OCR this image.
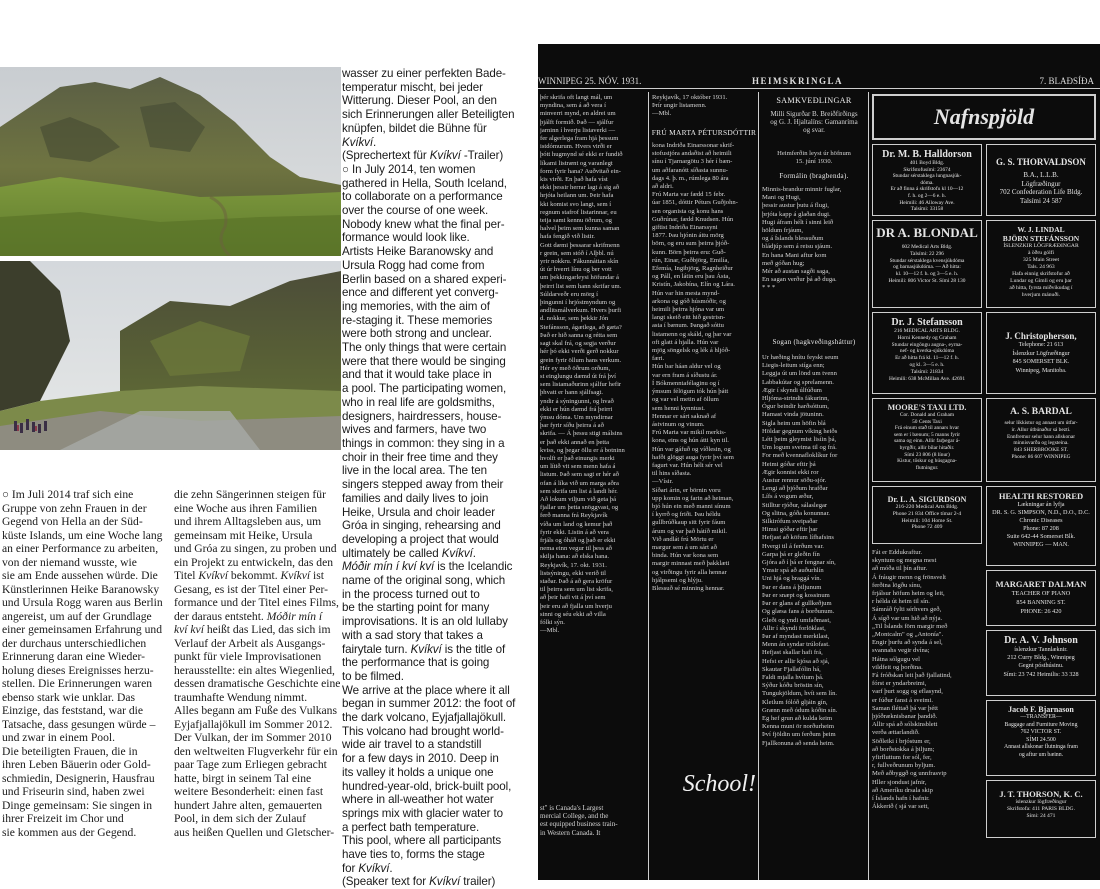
○ Im Juli 2014 traf sich eine
Gruppe von zehn Frauen in der
Gegend von Hella an der Süd-
küste Islands, um eine Woche lang
an einer Performance zu arbeiten,
von der niemand wusste, wie
sie am Ende aussehen würde. Die
Künstlerinnen Heike Baranowsky
und Ursula Rogg waren aus Berlin
angereist, um auf der Grundlage
einer gemeinsamen Erfahrung und
der durchaus unterschiedlichen
Erinnerung daran eine Wieder-
holung dieses Ereignisses herzu-
stellen. Die Erinnerungen waren
ebenso stark wie unklar. Das
Einzige, das feststand, war die
Tatsache, dass gesungen würde –
und zwar in einem Pool.
Die beteiligten Frauen, die in
ihren Leben Bäuerin oder Gold-
schmiedin, Designerin, Hausfrau
und Friseurin sind, haben zwei
Dinge gemeinsam: Sie singen in
ihrer Freizeit im Chor und
sie kommen aus der Gegend.
die zehn Sängerinnen steigen für
eine Woche aus ihren Familien
und ihrem Alltagsleben aus, um
gemeinsam mit Heike, Ursula
und Gróa zu singen, zu proben und
ein Projekt zu entwickeln, das den
Titel Kvíkví bekommt. Kvíkví ist
Gesang, es ist der Titel einer Per-
formance und der Titel eines Films,
der daraus entsteht. Móðir mín í
kví kví heißt das Lied, das sich im
Verlauf der Arbeit als Ausgangs-
punkt für viele Improvisationen
herausstellte: ein altes Wiegenlied,
dessen dramatische Geschichte eine
traumhafte Wendung nimmt.
Alles begann am Fuße des Vulkans
Eyjafjallajökull im Sommer 2012.
Der Vulkan, der im Sommer 2010
den weltweiten Flugverkehr für ein
paar Tage zum Erliegen gebracht
hatte, birgt in seinem Tal eine
weitere Besonderheit: einen fast
hundert Jahre alten, gemauerten
Pool, in dem sich der Zulauf
aus heißen Quellen und Gletscher-
wasser zu einer perfekten Bade-
temperatur mischt, bei jeder
Witterung. Dieser Pool, an den
sich Erinnerungen aller Beteiligten
knüpfen, bildet die Bühne für
Kvíkví.
(Sprechertext für Kvíkví -Trailer)
○ In July 2014, ten women
gathered in Hella, South Iceland,
to collaborate on a performance
over the course of one week.
Nobody knew what the final per-
formance would look like.
Artists Heike Baranowsky and
Ursula Rogg had come from
Berlin based on a shared experi-
ence and different yet converg-
ing memories, with the aim of
re-staging it. These memories
were both strong and unclear.
The only things that were certain
were that there would be singing
and that it would take place in
a pool. The participating women,
who in real life are goldsmiths,
designers, hairdressers, house-
wives and farmers, have two
things in common: they sing in a
choir in their free time and they
live in the local area. The ten
singers stepped away from their
families and daily lives to join
Heike, Ursula and choir leader
Gróa in singing, rehearsing and
developing a project that would
ultimately be called Kvíkví.
Móðir mín í kví kví is the Icelandic
name of the original song, which
in the process turned out to
be the starting point for many
improvisations. It is an old lullaby
with a sad story that takes a
fairytale turn. Kvíkví is the title of
the performance that is going
to be filmed.
We arrive at the place where it all
began in summer 2012: the foot of
the dark volcano, Eyjafjallajökull.
This volcano had brought world-
wide air travel to a standstill
for a few days in 2010. Deep in
its valley it holds a unique one
hundred-year-old, brick-built pool,
where in all-weather hot water
springs mix with glacier water to
a perfect bath temperature.
This pool, where all participants
have ties to, forms the stage
for Kvíkví.
(Speaker text for Kvíkví trailer)
WINNIPEG 25. NÓV. 1931.	HEIMSKRINGLA	7. BLAÐSÍÐA
þér skrifa oft langt mál, um
myndina, sem á að vera í
minverri mynd, en aldrei um
þjálft formið. Það — sjálfur
jarninn í hverju listaverki —
fer algerlega fram hjá þessum
istdómurum. Hvers virði er
þótt hugmynd sé ekki er fundið
líkami listrænt og varanlegt
form fyrir hana? Auðvitað ein-
kis virði. En það hafa víst
ekki þessir herrar lagt á sig að
hrjóta heilann um. Þeir hafa
kki komist svo langt, sem í
regnum stafrof listarinnar, eu
teija samt kennu öðrum, og
halvel þeim sem kunna saman
hafa fengið við listir.
Gott dæmi þessarar skrifmenn
r grein, sem stóð í Alþbl. nú
yrir nokkru. Fákunnáttan skín
út úr hverri línu og ber vott
um þekkingarleysi höfundar á
þeirri list sem hann skrifar um.
Súldarveðr eru mörg í
þingunni í hrjóstmyndum og
andlitsmálverkum. Hvers þurfi
d. nokkur, sem þekkir Jón
Stefánsson, ágætlega, að gæta?
Það er hið sanna og rétta sem
sagt skal frá, og segja verður
hér þó ekki verði gerð nokkur
grein fyrir öllum hans verkum.
Hér ey með öðrum orðum,
st einglungu dæmd út frá því
sem listamaðurinn sjálfur hefir
þhvatt er hann sjálfsagt.
yndir á sýningunni, og hvað
ekki er hún dæmd frá þeirri
ýmsu dóma. Um myndirnar
þar fyrir síðu þeirra á að
skrifa. — Á þessu stigi málsins
er það ekki annað en þetta
kviss, og þegar öllu er á botninn
hvolft er það einungis merki
um lítið vit sem menn hafa á
listum. Það sem sagt er hér að
ofan á líka við um marga aðra
sem skrifa um list á landi hér.
Að lokum viljum við geta þá
fjallar um þetta snöggvast, og
ferð manna frá Reykjavík
víða um land og kemur það
fyrir ekki. Listin á að vera
frjáls og óháð og það er ekki
nema einn vegur til þess að
skilja hana: að elska hana.
Reykjavík, 17. okt. 1931.
listsýningu, ekki verið til
staðar. Það á að gera kröfur
til þeirra sem um list skrifa,
að þeir hafi vit á því sem
þeir eru að fjalla um hverju
sinni og séu ekki að villa
fólki sýn.
—Mbl.
Reykjavík, 17 október 1931.
Þrír ungir listamenn.
—Mbl.
FRÚ MARTA PÉTURSDÓTTIR
kona Indriða Einarssonar skrif-
stofustjóra andaðist að heimili
sínu í Tjarnargötu 3 hér í bæn-
um aðfaranótt síðasta sunnu-
dags 4. þ. m., rúmlega 80 ára
að aldri.
Frú Marta var fædd 15 febr.
úar 1851, dóttir Péturs Guðjohn-
sen organista og konu hans
Guðrúnar, fædd Knudsen. Hún
giftist Indriða Einarssyni
1877. Þau hjónin áttu mörg
börn, og eru sum þeirra þjóð-
kunn. Börn þeirra eru: Guð-
rún, Einar, Guðbjörg, Emilía,
Efemía, Ingibjörg, Ragnheiður
og Páll, en látin eru þau Ásta,
Kristín, Jakobína, Elín og Lára.
Hún var hin mesta mynd-
arkona og góð húsmóðir, og
heimili þeirra hjóna var um
langt skeið eitt hið gestrisn-
asta í bænum. Þangað sóttu
listamenn og skáld, og þar var
oft glatt á hjalla. Hún var
mjög söngelsk og lék á hljóð-
færi.
Hún bar háan aldur vel og
var ern fram á síðustu ár.
Í Bókmenntafélaginu og í
ýmsum félögum tók hún þátt
og var vel metin af öllum
sem henni kynntust.
Hennar er sárt saknað af
ástvinum og vinum.
Frú Marta var mikil merkis-
kona, eins og hún átti kyn til.
Hún var gáfuð og víðlesin, og
hafði glöggt auga fyrir því sem
fagurt var. Hún hélt sér vel
til hins síðasta.
—Vísir.
Síðari árin, er börnin voru
upp komin og farin að heiman,
bjó hún ein með manni sínum
í kyrrð og friði. Þau héldu
gullbrúðkaup sitt fyrir fáum
árum og var það hátíð mikil.
Við andlát frú Mörtu er
margur sem á um sárt að
binda. Hún var kona sem
margir minnast með þakklæti
og virðingu fyrir alla hennar
hjálpsemi og hlýju.
Blessuð sé minning hennar.
SAMKVEÐLINGAR
Milli Sigurðar B. Breiðfirðings
og G. J. Hjaltalíns: Gamanríma
og svar.
Heimferðin leyst úr höfnum
15. júní 1930.
Formálin (bragbenda).
Minnis-brandur minnir fuglar,
Mani og Hugi,
þessir austur þutu á flugi,
þrjóta kapp á glaðan dugi.
Hugi áfram hélt í sinni leið
höldum frjáum,
og á Íslands blessuðum
bládjúp sem á reisu sjáum.
En hana Mani aftur kom
með góðan hug;
Mér að austan sagði saga,
En sagan verður þá að duga.
* * *
Sogan (hagkveðingsháttur)
Ur hæðing hnítu feyskt seum
Liegis-leitum stíga enn;
Leggja út um lönd um tvenn
Labbakútar og sprelamenn.
Ægir í skyndi úlfúðum
Hljóma-strindis fákurinn,
Ógur beindir harðsóttum,
Hamast vinda jötuninn.
Sigla heim um höfin blá
Höldar gegnum víking heiðs
Létt þeim gleymist lisíin þá,
Um logum sveima til og frá.
For með kvennafloklíkur for
Heimi góðar eftir þá
Ægir konnist ekki ror
Austur rennur söðu-sjór.
Lengi að þjóðum hrafðar
Lífs á vogum æður,
Stilltur rjóður, sálaslegar
Og slitna, góða konunnar.
Silkirófum sveipaðar
Himsi góðar eftir þar
Hefjast að köfum lífhafsins
Hvergi til á ferðum var.
Garpa þá er gleðin fín
Gjóra að í þá er fengnar sín,
Ymsir spá að auðurhlín
Uni hjá og braggá vín.
Þar er dans á þiljunum
Þar er snæpt og kossinum
Þar er glans af gullkeðjum
Og glæsa fans á borðunum.
Gleði og yndi umfaðmast,
Allir í skyndi forlöklast,
Þar af myndast merkilast,
Menn án syndar trúlofast.
Hefjast skallar hafi frá,
Hefst er allir kjósa að sjá,
Skautar Fjallafólin há,
Faldi mjalla hvítum þá.
Sýður kóðu bröstin sín,
Tungukjöldum, hvít sem lín.
Kletlum fólóð gljáin gín,
Grænn með ódum kóðin sín.
Eg hef grun að kulda keim
Kenna muni ör norðurheim
Því fjöldin um ferðum þeim
Fjallkonuna að senda heim.
Nafnspjöld
Dr. M. B. Halldorson
401 Boyd Bldg.
Skrifstofusími: 23674
Stundar sérstaklega lungnasjúk-
dóma.
Er að finna á skrifstofu kl 10—12
f. h. og 2—6 e. h.
Heimili: 46 Alloway Ave.
Talsími: 33158
G. S. THORVALDSON
B.A., L.L.B.
Lögfræðingur
702 Confederation Life Bldg.
Talsími 24 587
DR A. BLONDAL
602 Medical Arts Bldg.
Talsími: 22 296
Stundar sérstaklega kvensjúkdóma
og barnasjúkdóma. — Að hitta:
kl. 10—12 f. h. og 3—5 e. h.
Heimili: 806 Victor St. Sími 28 130
W. J. LINDAL
BJÖRN STEFÁNSSON
ÍSLENZKIR LÖGFRÆÐINGAR
à öðru gólfi
325 Main Street
Tals. 24 963
Hafa einnig skrifstofur að
Lundar og Gimli og eru þar
að hitta, fyrsta miðvikudag í
hverjum mánuði.
Dr. J. Stefansson
216 MEDICAL ARTS BLDG.
Horni Kennedy og Graham
Stundar eingöngu augna-, eyrna-
nef- og kverka-sjúkdóma
Er að hitta frá kl. 11—12 f. h.
og kl. 3—5 e. h.
Talsími: 21834
Heimili: 638 McMillan Ave. 42691
J. Christopherson,
Telephone: 21 613
Íslenzkur Lögfræðingur
845 SOMERSET BLK.
Winnipeg, Manitoba.
MOORE'S TAXI LTD.
Cor. Donald and Graham
50 Cents Taxi
Frá einum stað til annars hvar
sem er í bænum; 5 manns fyrir
sama og einn. Allir farþegar á-
byrgðir, allir bílar hitaðir.
Sími 23 806 (8 línur)
Kistur, töskur og húsgagna-
flutningur.
A. S. BARDAL
selur líkkistur og annast um útfar-
ir. Allur útbúnaður sá bezti.
Ennfremur selur hann allskonar
minnisvarða og legsteina.
843 SHERBROOKE ST.
Phone: 86 607 WINNIPEG
Dr. L. A. SIGURDSON
216-220 Medical Arts Bldg.
Phone 21 834 Office tímar 2-4
Heimili: 104 Home St.
Phone 72 409
HEALTH RESTORED
Lækningar án lyfja
DR. S. G. SIMPSON, N.D., D.O., D.C.
Chronic Diseases
Phone: 87 208
Suite 642-44 Somerset Blk.
WINNIPEG — MAN.
Fát er Eddukraftur.
skyntum og megna mest
að móða til þín aftur.
Á fráugir menn og frönsvelt
ferðina lögðu sínu,
frjálsur höfum heim og leit,
r hélda út heim til sín.
Sámráð fylti sérhvers geð,
Á sígð var um hið að nýja.
„Til Íslands förn margir með
„Montcalm" og „Antonía".
Engir þurfu að synda á sel,
svannahs vegir dvína;
Hátna sólgugu vel
vildfeit og þorðina.
Fá fróðskan leit það fjallatind,
fórst er yndarbreimi,
varf þurt sogg og eflasynd,
er fúður fanst á sveimi.
Saman fléttað þá var þétt
þjóðræknisbanar þandið.
Allir spá að sólskinsblett
verða ættarlandið.
Söðleiki í brjóstum er,
að borðstokka á þiljum;
yfirfluttum for sól, fer,
r, fullveðrunum byljum.
Með aðbyggð og unnfrasvip
Hller sjondust jafnir,
að Ameríku drsala skip
í Íslands hafn í hafnir.
Ákkerið ( sjá var sett,
MARGARET DALMAN
TEACHER OF PIANO
854 BANNING ST.
PHONE: 26 420
Dr. A. V. Johnson
íslenzkur Tannlæknir.
212 Curry Bldg., Winnipeg
Gegnt pósthúsinu.
Sími: 23 742 Heimilis: 33 328
Jacob F. Bjarnason
—TRANSFER—
Baggage and Furniture Moving
762 VICTOR ST.
SÍMI 24.500
Annast allskonar flutninga fram
og aftur um bæinn.
J. T. THORSON, K. C.
íslenzkur lögfræðingur
Skrifstofa: 411 PARIS BLDG.
Sími: 24 471
School!
st" is Canada's Largest
mercial College, and the
est equipped business train-
in Western Canada. It
